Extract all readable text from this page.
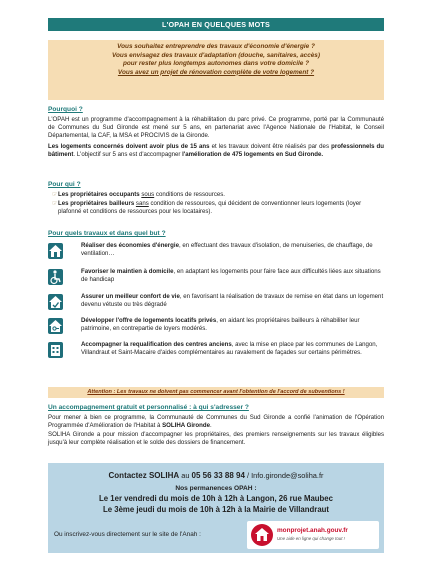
L'OPAH EN QUELQUES MOTS
Vous souhaitez entreprendre des travaux d'économie d'énergie ?
Vous envisagez des travaux d'adaptation (douche, sanitaires, accès)
pour rester plus longtemps autonomes dans votre domicile ?
Vous avez un projet de rénovation complète de votre logement ?
Pourquoi ?
L'OPAH est un programme d'accompagnement à la réhabilitation du parc privé. Ce programme, porté par la Communauté de Communes du Sud Gironde est mené sur 5 ans, en partenariat avec l'Agence Nationale de l'Habitat, le Conseil Départemental, la CAF, la MSA et PROCIVIS de la Gironde.
Les logements concernés doivent avoir plus de 15 ans et les travaux doivent être réalisés par des professionnels du bâtiment. L'objectif sur 5 ans est d'accompagner l'amélioration de 475 logements en Sud Gironde.
Pour qui ?
☞Les propriétaires occupants sous conditions de ressources.
☞Les propriétaires bailleurs sans condition de ressources, qui décident de conventionner leurs logements (loyer plafonné et conditions de ressources pour les locataires).
Pour quels travaux et dans quel but ?
Réaliser des économies d'énergie, en effectuant des travaux d'isolation, de menuiseries, de chauffage, de ventilation…
Favoriser le maintien à domicile, en adaptant les logements pour faire face aux difficultés liées aux situations de handicap
Assurer un meilleur confort de vie, en favorisant la réalisation de travaux de remise en état dans un logement devenu vétuste ou très dégradé
Développer l'offre de logements locatifs privés, en aidant les propriétaires bailleurs à réhabiliter leur patrimoine, en contrepartie de loyers modérés.
Accompagner la requalification des centres anciens, avec la mise en place par les communes de Langon, Villandraut et Saint-Macaire d'aides complémentaires au ravalement de façades sur certains périmètres.
Attention : Les travaux ne doivent pas commencer avant l'obtention de l'accord de subventions !
Un accompagnement gratuit et personnalisé : à qui s'adresser ?
Pour mener à bien ce programme, la Communauté de Communes du Sud Gironde a confié l'animation de l'Opération Programmée d'Amélioration de l'Habitat à SOLIHA Gironde.
SOLIHA Gironde a pour mission d'accompagner les propriétaires, des premiers renseignements sur les travaux éligibles jusqu'à leur complète réalisation et le solde des dossiers de financement.
Contactez SOLIHA au 05 56 33 88 94 / Info.gironde@soliha.fr
Nos permanences OPAH :
Le 1er vendredi du mois de 10h à 12h à Langon, 26 rue Maubec
Le 3ème jeudi du mois de 10h à 12h à la Mairie de Villandraut
Ou inscrivez-vous directement sur le site de l'Anah :
monprojet.anah.gouv.fr
Une aide en ligne qui change tout !
